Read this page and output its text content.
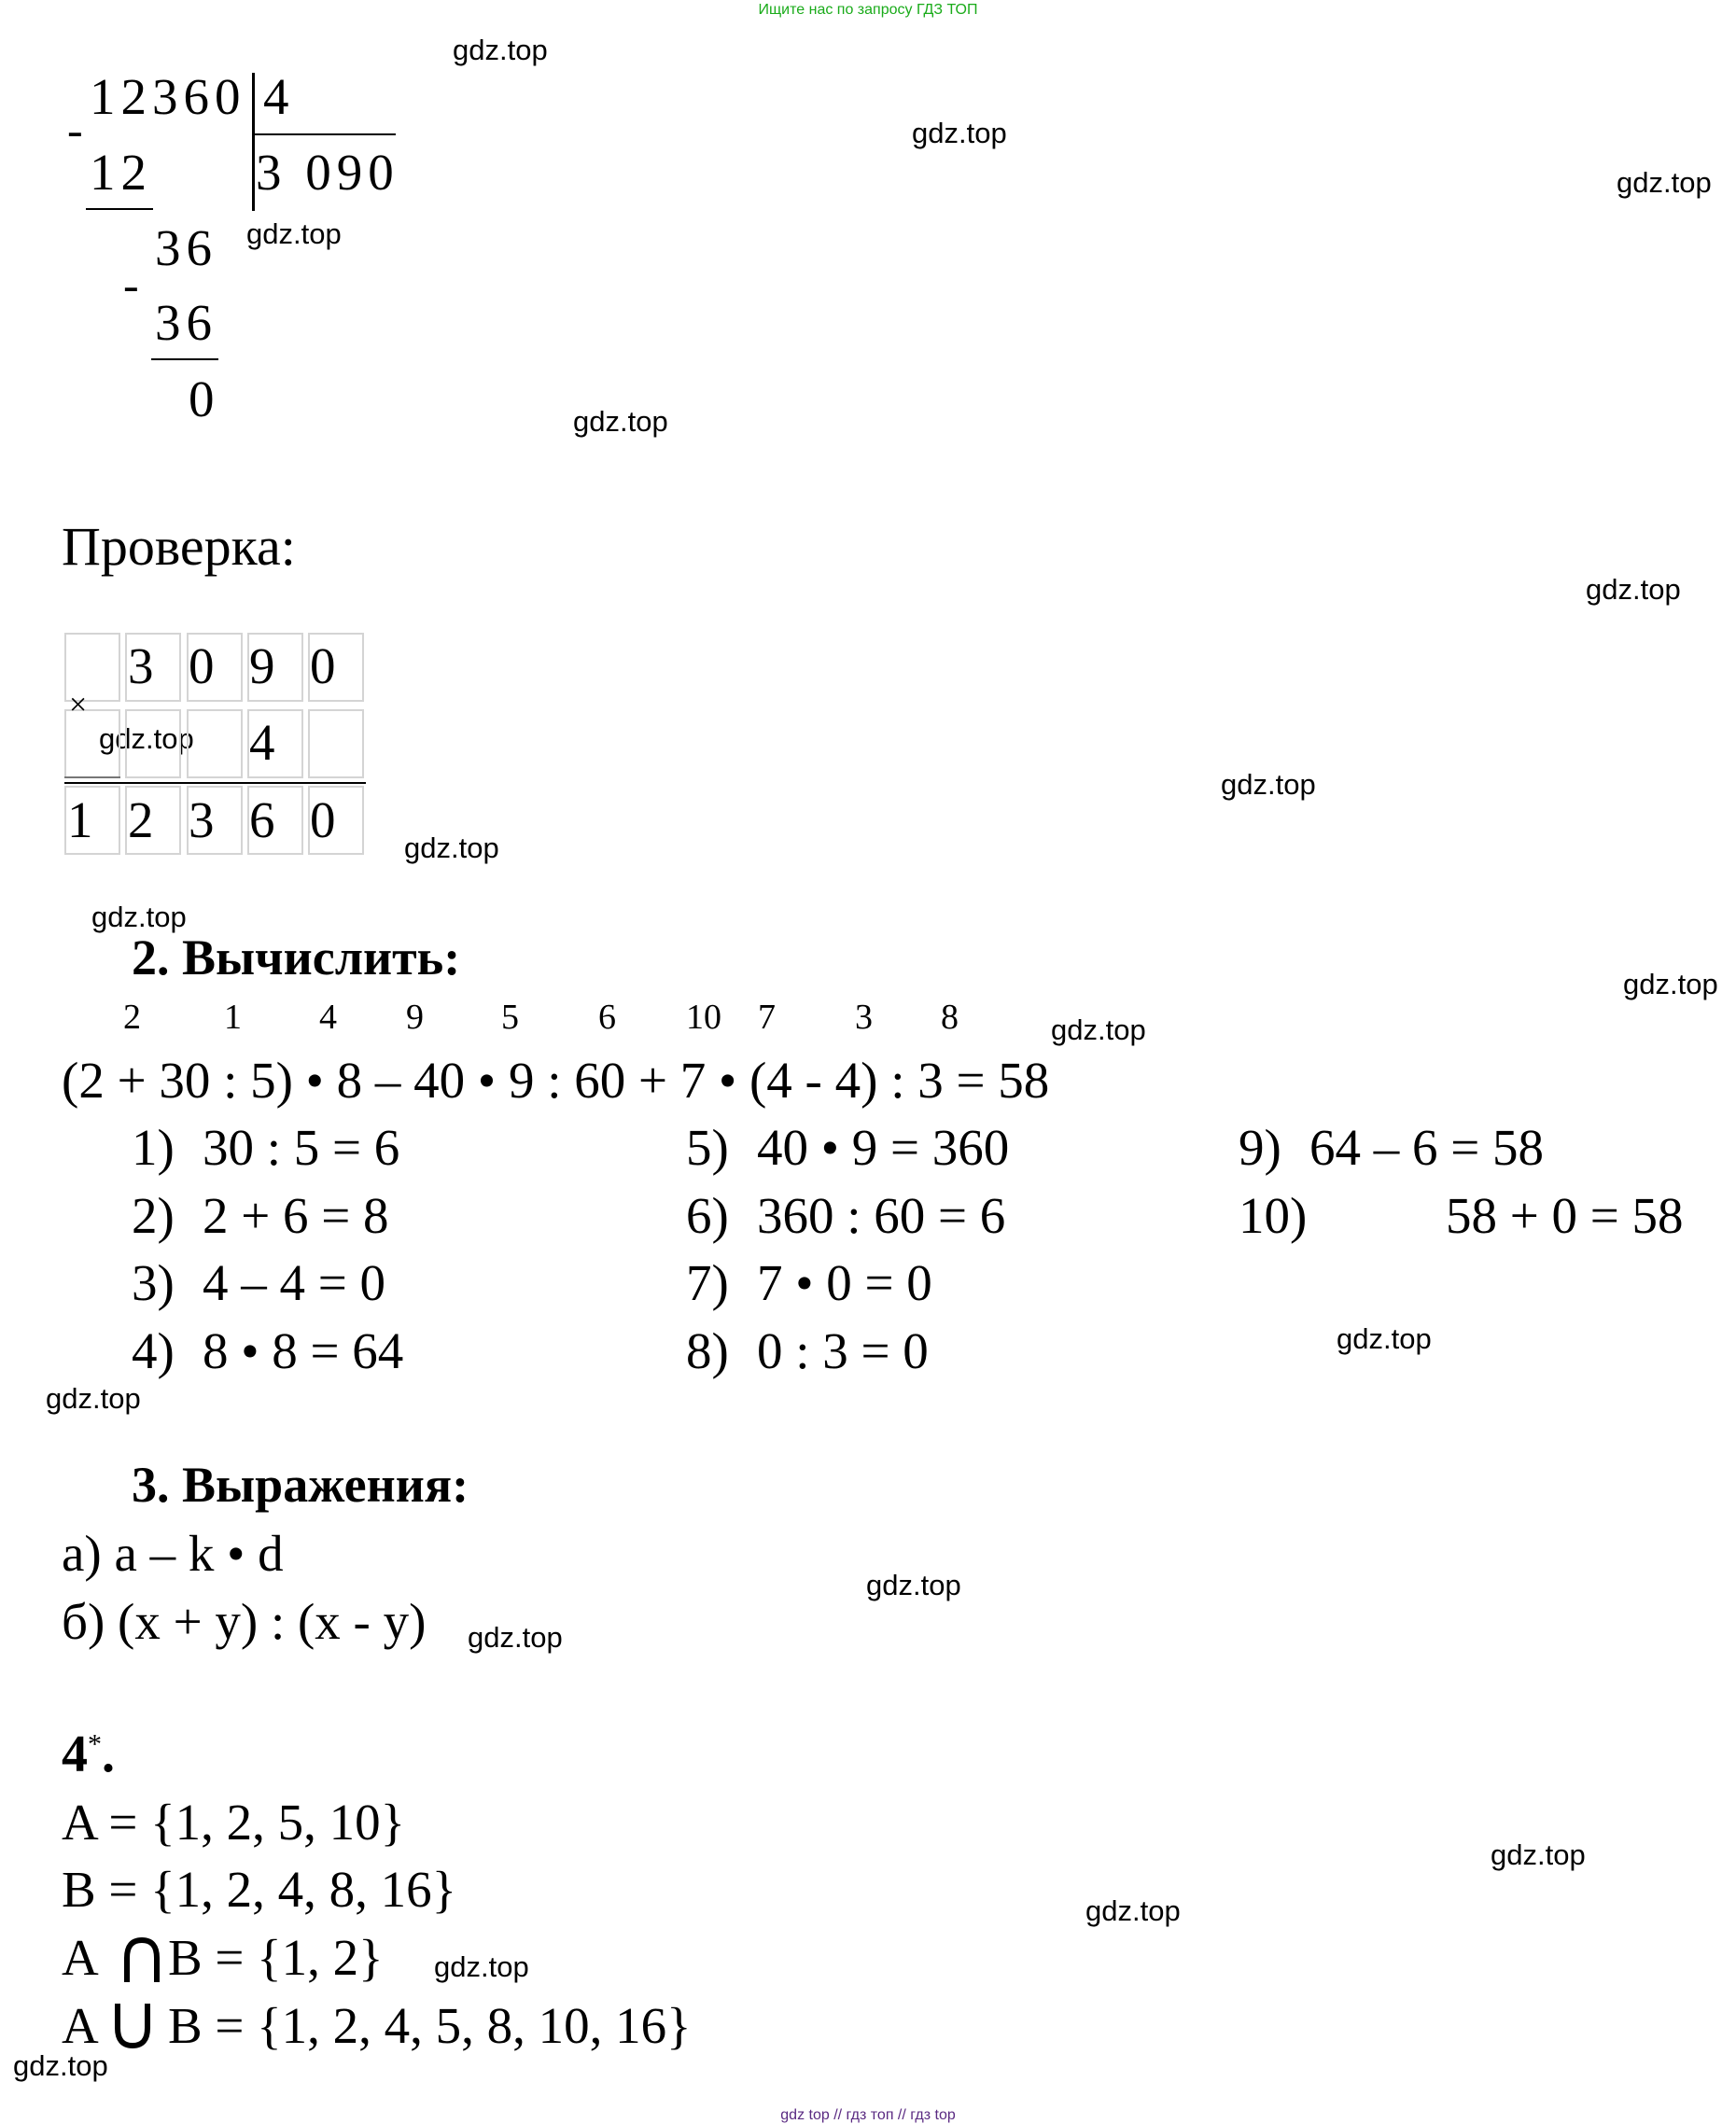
Ищите нас по запросу ГДЗ ТОП
gdz top // гдз топ // гдз top
gdz.top
gdz.top
gdz.top
gdz.top
gdz.top
gdz.top
gdz.top
gdz.top
gdz.top
gdz.top
gdz.top
gdz.top
gdz.top
gdz.top
gdz.top
gdz.top
gdz.top
gdz.top
gdz.top
gdz.top
12360 4
-
12 3 090
36
-
36
0
Проверка:
×
3 0 9 0
4
1 2 3 6 0
2. Вычислить:
2 1 4 9 5 6 10 7 3 8
(2 + 30 : 5) • 8 – 40 • 9 : 60 + 7 • (4 - 4) : 3 = 58
1) 30 : 5 = 6
2) 2 + 6 = 8
3) 4 – 4 = 0
4) 8 • 8 = 64
5) 40 • 9 = 360
6) 360 : 60 = 6
7) 7 • 0 = 0
8) 0 : 3 = 0
9) 64 – 6 = 58
10)	58 + 0 = 58
3. Выражения:
а) a – k • d
б) (x + y) : (x - y)
4*.
A = {1, 2, 5, 10}
B = {1, 2, 4, 8, 16}
A B = {1, 2}
A B = {1, 2, 4, 5, 8, 10, 16}
